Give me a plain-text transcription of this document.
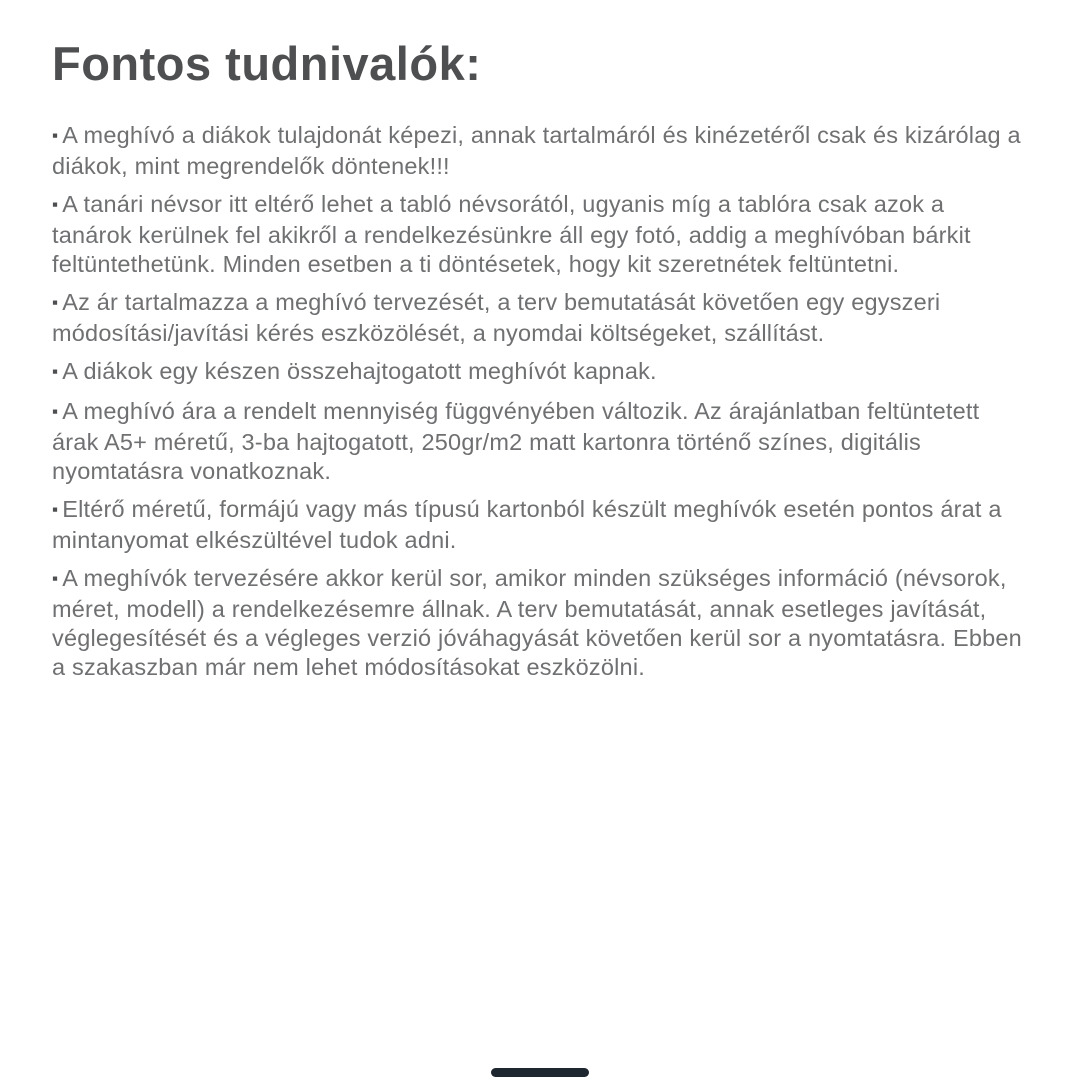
Fontos tudnivalók:

▪ A meghívó a diákok tulajdonát képezi, annak tartalmáról és kinézetéről csak és kizárólag a diákok, mint megrendelők döntenek!!!

▪ A tanári névsor itt eltérő lehet a tabló névsorától, ugyanis míg a tablóra csak azok a tanárok kerülnek fel akikről a rendelkezésünkre áll egy fotó, addig a meghívóban bárkit feltüntethetünk. Minden esetben a ti döntésetek, hogy kit szeretnétek feltüntetni.

▪ Az ár tartalmazza a meghívó tervezését, a terv bemutatását követően egy egyszeri módosítási/javítási kérés eszközölését, a nyomdai költségeket, szállítást.

▪ A diákok egy készen összehajtogatott meghívót kapnak.

▪ A meghívó ára a rendelt mennyiség függvényében változik. Az árajánlatban feltüntetett árak A5+ méretű, 3-ba hajtogatott, 250gr/m2 matt kartonra történő színes, digitális nyomtatásra vonatkoznak.

▪ Eltérő méretű, formájú vagy más típusú kartonból készült meghívók esetén pontos árat a mintanyomat elkészültével tudok adni.

▪ A meghívók tervezésére akkor kerül sor, amikor minden szükséges információ (névsorok, méret, modell) a rendelkezésemre állnak. A terv bemutatását, annak esetleges javítását, véglegesítését és a végleges verzió jóváhagyását követően kerül sor a nyomtatásra. Ebben a szakaszban már nem lehet módosításokat eszközölni.
